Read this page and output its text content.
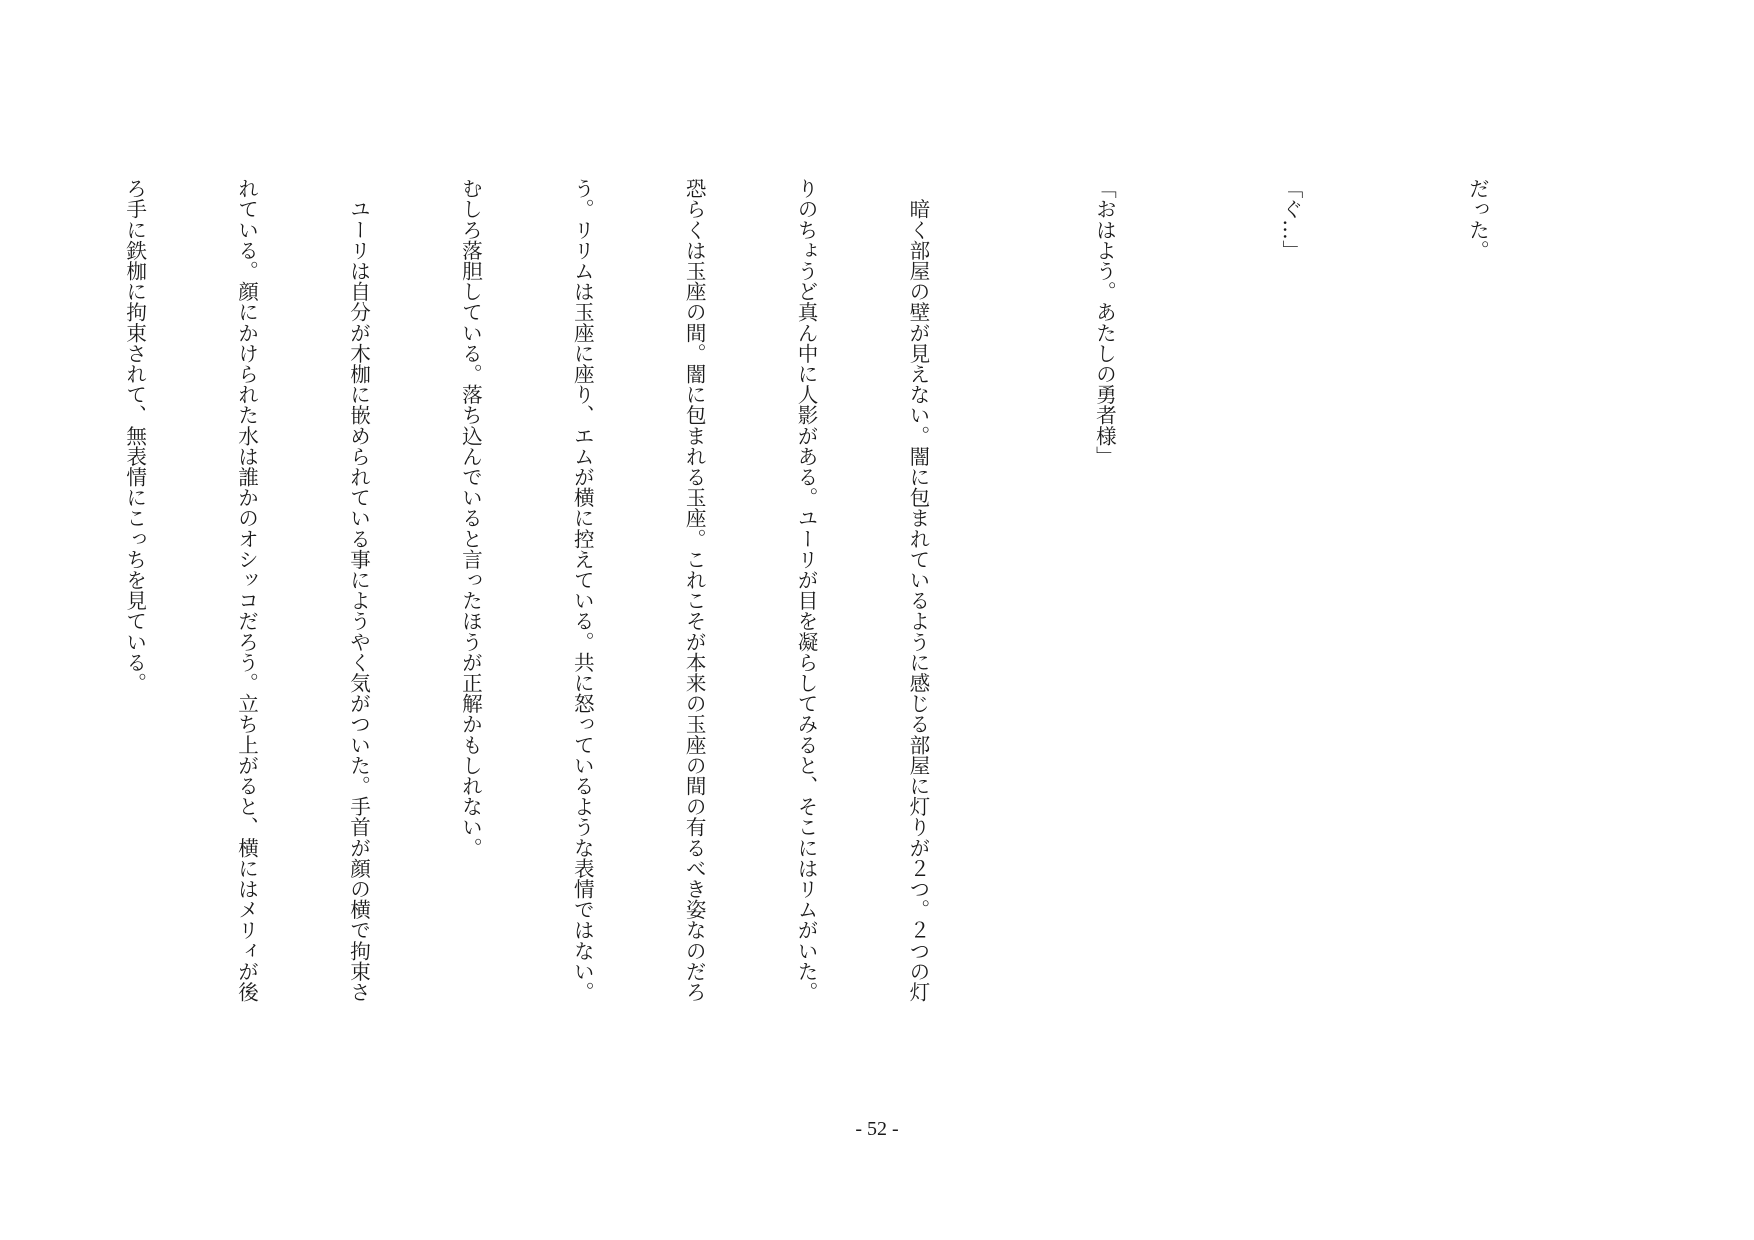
だった。

「ぐ…」

「おはよう。あたしの勇者様」

　暗く部屋の壁が見えない。闇に包まれているように感じる部屋に灯りが２つ。２つの灯

りのちょうど真ん中に人影がある。ユーリが目を凝らしてみると、そこにはリムがいた。

恐らくは玉座の間。闇に包まれる玉座。これこそが本来の玉座の間の有るべき姿なのだろ

う。リリムは玉座に座り、エムが横に控えている。共に怒っているような表情ではない。

むしろ落胆している。落ち込んでいると言ったほうが正解かもしれない。

　ユーリは自分が木枷に嵌められている事にようやく気がついた。手首が顔の横で拘束さ

れている。顔にかけられた水は誰かのオシッコだろう。立ち上がると、横にはメリィが後

ろ手に鉄枷に拘束されて、無表情にこっちを見ている。

- 52 -
